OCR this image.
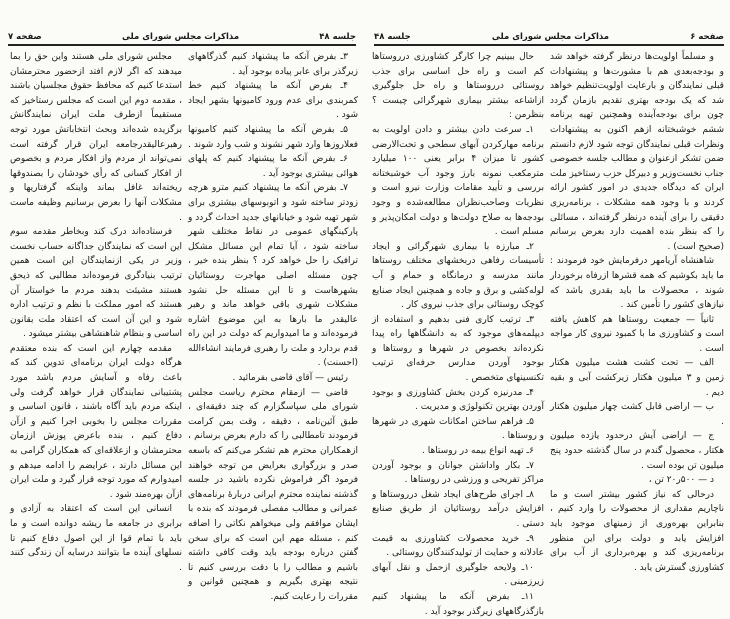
صفحه ۷	مذاکرات مجلس شورای ملی	جلسه ۴۸

مجلس شورای ملی هستند واین حق را بما میدهند که اگر لازم افتد ازحضور محترمشان استدعا کنیم که محافظ حقوق مجلسیان باشند ، مقدمه دوم این است که مجلس رستاخیز که مستقیماً ازطرف ملت ایران نمایندگانش برگزیده شده‌اند وبحث انتخاباتش مورد توجه رهبرعالیقدرجامعه ایران قرار گرفته است نمی‌تواند از مردم واز افکار مردم و بخصوص از افکار کسانی که رأی خودشان را بصندوقها ریخته‌اند غافل بماند واینکه گرفتاریها و مشکلات آنها را بعرض برسانیم وظیفه ماست .

فرستاده‌اند درک کند وبخاطر مقدمه سوم این است که نمایندگان جداگانه حساب نخست وزیر در یکی ازنمایندگان این است همین ترتیب بنیادگری فرموده‌اند مطالبی که ذیحق هستند مشیئت بدهند مردم ما خواستار آن هستند که امور مملکت با نظم و ترتیب اداره شود و این آن است که اعتقاد ملت بقانون اساسی و بنظام شاهنشاهی بیشتر میشود .

مقدمه چهارم این است که بنده معتقدم هرگاه دولت ایران برنامه‌ای تدوین کند که باعث رفاه و آسایش مردم باشد مورد پشتیبانی نمایندگان قرار خواهد گرفت ولی اینکه مردم باید آگاه باشند ، قانون اساسی و مقررات مجلس را بخوبی اجرا کنیم و ازآن دفاع کنیم ، بنده باعرض پوزش اززمان محترمشان و ازعلاقه‌ای که همکاران گرامی به این مسائل دارند ، عرایضم را ادامه میدهم و امیدوارم که مورد توجه قرار گیرد و ملت ایران ازآن بهره‌مند شود .

انسانی این است که اعتقاد به آزادی و برابری در جامعه ما ریشه دوانده است و ما باید با تمام قوا از این اصول دفاع کنیم تا نسلهای آینده ما بتوانند درسایه آن زندگی کنند .

۳ـ بفرض آنکه ما پیشنهاد کنیم گذرگاههای زیرگذر برای عابر پیاده بوجود آید .

۴ـ بفرض آنکه ما پیشنهاد کنیم خط کمربندی برای عدم ورود کامیونها بشهر ایجاد شود .

۵ـ بفرض آنکه ما پیشنهاد کنیم کامیونها فعلاروزها وارد شهر نشوند و شب وارد شوند .

۶ـ بفرض آنکه ما پیشنهاد کنیم که پلهای هوائی بیشتری بوجود آید .

۷ـ بفرض آنکه ما پیشنهاد کنیم مترو هرچه زودتر ساخته شود و اتوبوسهای بیشتری برای شهر تهیه شود و خیابانهای جدید احداث گردد و پارکینگهای عمومی در نقاط مختلف شهر ساخته شود ، آیا تمام این مسائل مشکل ترافیک را حل خواهد کرد ؟ بنظر بنده خیر ، چون مسئله اصلی مهاجرت روستائیان بشهرهاست و تا این مسئله حل نشود مشکلات شهری باقی خواهد ماند و رهبر عالیقدر ما بارها به این موضوع اشاره فرموده‌اند و ما امیدواریم که دولت در این راه قدم بردارد و ملت را رهبری فرمایند انشاءالله (احسنت) .

رئیس — آقای قاضی بفرمائید .

قاضی — ازمقام محترم ریاست مجلس شورای ملی سپاسگزارم که چند دقیقه‌ای ، طبق آئین‌نامه ، دقیقه ، وقت بمن کرامت فرمودند تامطالبی را که دارم بعرض برسانم ، ازهمکاران محترم هم تشکر می‌کنم که باسعه صدر و بزرگواری بعرایض من توجه خواهند فرمود اگر فراموش نکرده باشید در جلسه گذشته نماینده محترم ایرانی دربارهٔ برنامه‌های عمرانی و مطالب مفصلی فرمودند که بنده با ایشان موافقم ولی میخواهم نکاتی را اضافه کنم ، مسئله مهم این است که برای سخن گفتن درباره بودجه باید وقت کافی داشته باشیم و مطالب را با دقت بررسی کنیم تا نتیجه بهتری بگیریم و همچنین قوانین و مقررات را رعایت کنیم.

جلسه ۴۸	مذاکرات مجلس شورای ملی	صفحه ۶

حال ببینیم چرا کارگر کشاورزی درروستاها کم است و راه حل اساسی برای جذب روستائی درروستاها و راه حل جلوگیری ازاشاعه بیشتر بیماری شهرگرائی چیست ؟ بنظرمن :

۱ـ سرعت دادن بیشتر و دادن اولویت به برنامه مهارکردن آبهای سطحی و تحت‌الارضی کشور تا میزان ۴ برابر یعنی ۱۰۰ میلیارد مترمکعب نمونه بارز وجود آب خوشبختانه بررسی و تأیید مقامات وزارت نیرو است و نظریات وصاحب‌نظران مطالعه‌شده و وجود بودجه‌ها به صلاح دولت‌ها و دولت امکان‌پذیر و مسلم است .

۲ـ مبارزه با بیماری شهرگرائی و ایجاد تأسیسات رفاهی دربخشهای مختلف روستاها مانند مدرسه و درمانگاه و حمام و آب لوله‌کشی و برق و جاده و همچنین ایجاد صنایع کوچک روستائی برای جذب نیروی کار .

۳ـ ترتیب کاری فنی بدهیم و استفاده از دیپلمه‌های موجود که به دانشگاهها راه پیدا نکرده‌اند بخصوص در شهرها و روستاها و بوجود آوردن مدارس حرفه‌ای ترتیب تکنسینهای متخصص .

۴ـ مدرنیزه کردن بخش کشاورزی و بوجود آوردن بهترین تکنولوژی و مدیریت .

۵ـ فراهم ساختن امکانات شهری در شهرها و روستاها .

۶ـ تهیه انواع بیمه در روستاها .

۷ـ بکار واداشتن جوانان و بوجود آوردن مراکز تفریحی و ورزشی در روستاها .

۸ـ اجرای طرح‌های ایجاد شغل درروستاها و افزایش درآمد روستائیان از طریق صنایع دستی .

۹ـ خرید محصولات کشاورزی به قیمت عادلانه و حمایت از تولیدکنندگان روستائی .

۱۰ـ ولایحه جلوگیری ازحمل و نقل آبهای زیرزمینی .

۱۱ـ بفرض آنکه ما پیشنهاد کنیم بازگذرگاههای زیرگذر بوجود آید .

و مسلماً اولویت‌ها درنظر گرفته خواهد شد و بودجه‌بعدی هم با مشورت‌ها و پیشنهادات قبلی نمایندگان و بارعایت اولویت‌تنظیم خواهد شد که یک بودجه بهتری تقدیم بازمان گردد چون برای بودجه‌آینده وهمچنین تهیه برنامه ششم خوشبختانه ازهم اکنون به پیشنهادات ونظرات قبلی نمایندگان توجه شود لازم دانستم ضمن تشکر ازعنوان و مطالب جلسه خصوصی جناب نخست‌وزیر و دبیرکل حزب رستاخیز ملت ایران که دیدگاه جدیدی در امور کشور ارائه کردند و با وجود همه مشکلات ، برنامه‌ریزی دقیقی را برای آینده درنظر گرفته‌اند ، مسائلی را که بنظر بنده اهمیت دارد بعرض برسانم (صحیح است) .

شاهنشاه آریامهر درفرمایش خود فرمودند : ما باید بکوشیم که همه قشرها ازرفاه برخوردار شوند ، محصولات ما باید بقدری باشد که نیازهای کشور را تأمین کند .

ثانیاً — جمعیت روستاها هم کاهش یافته است و کشاورزی ما با کمبود نیروی کار مواجه است .

الف — تحت کشت هشت میلیون هکتار زمین و ۳ میلیون هکتار زیرکشت آبی و بقیه دیم .

ب — اراضی قابل کشت چهار میلیون هکتار .

ج — اراضی آیش درحدود یازده میلیون هکتار ، محصول گندم در سال گذشته حدود پنج میلیون تن بوده است .

د — ۵۰۰ر۲۰ تن ،

درحالی که نیاز کشور بیشتر است و ما ناچاریم مقداری از محصولات را وارد کنیم ، بنابراین بهره‌وری از زمینهای موجود باید افزایش یابد و دولت برای این منظور برنامه‌ریزی کند و بهره‌برداری از آب برای کشاورزی گسترش یابد .
